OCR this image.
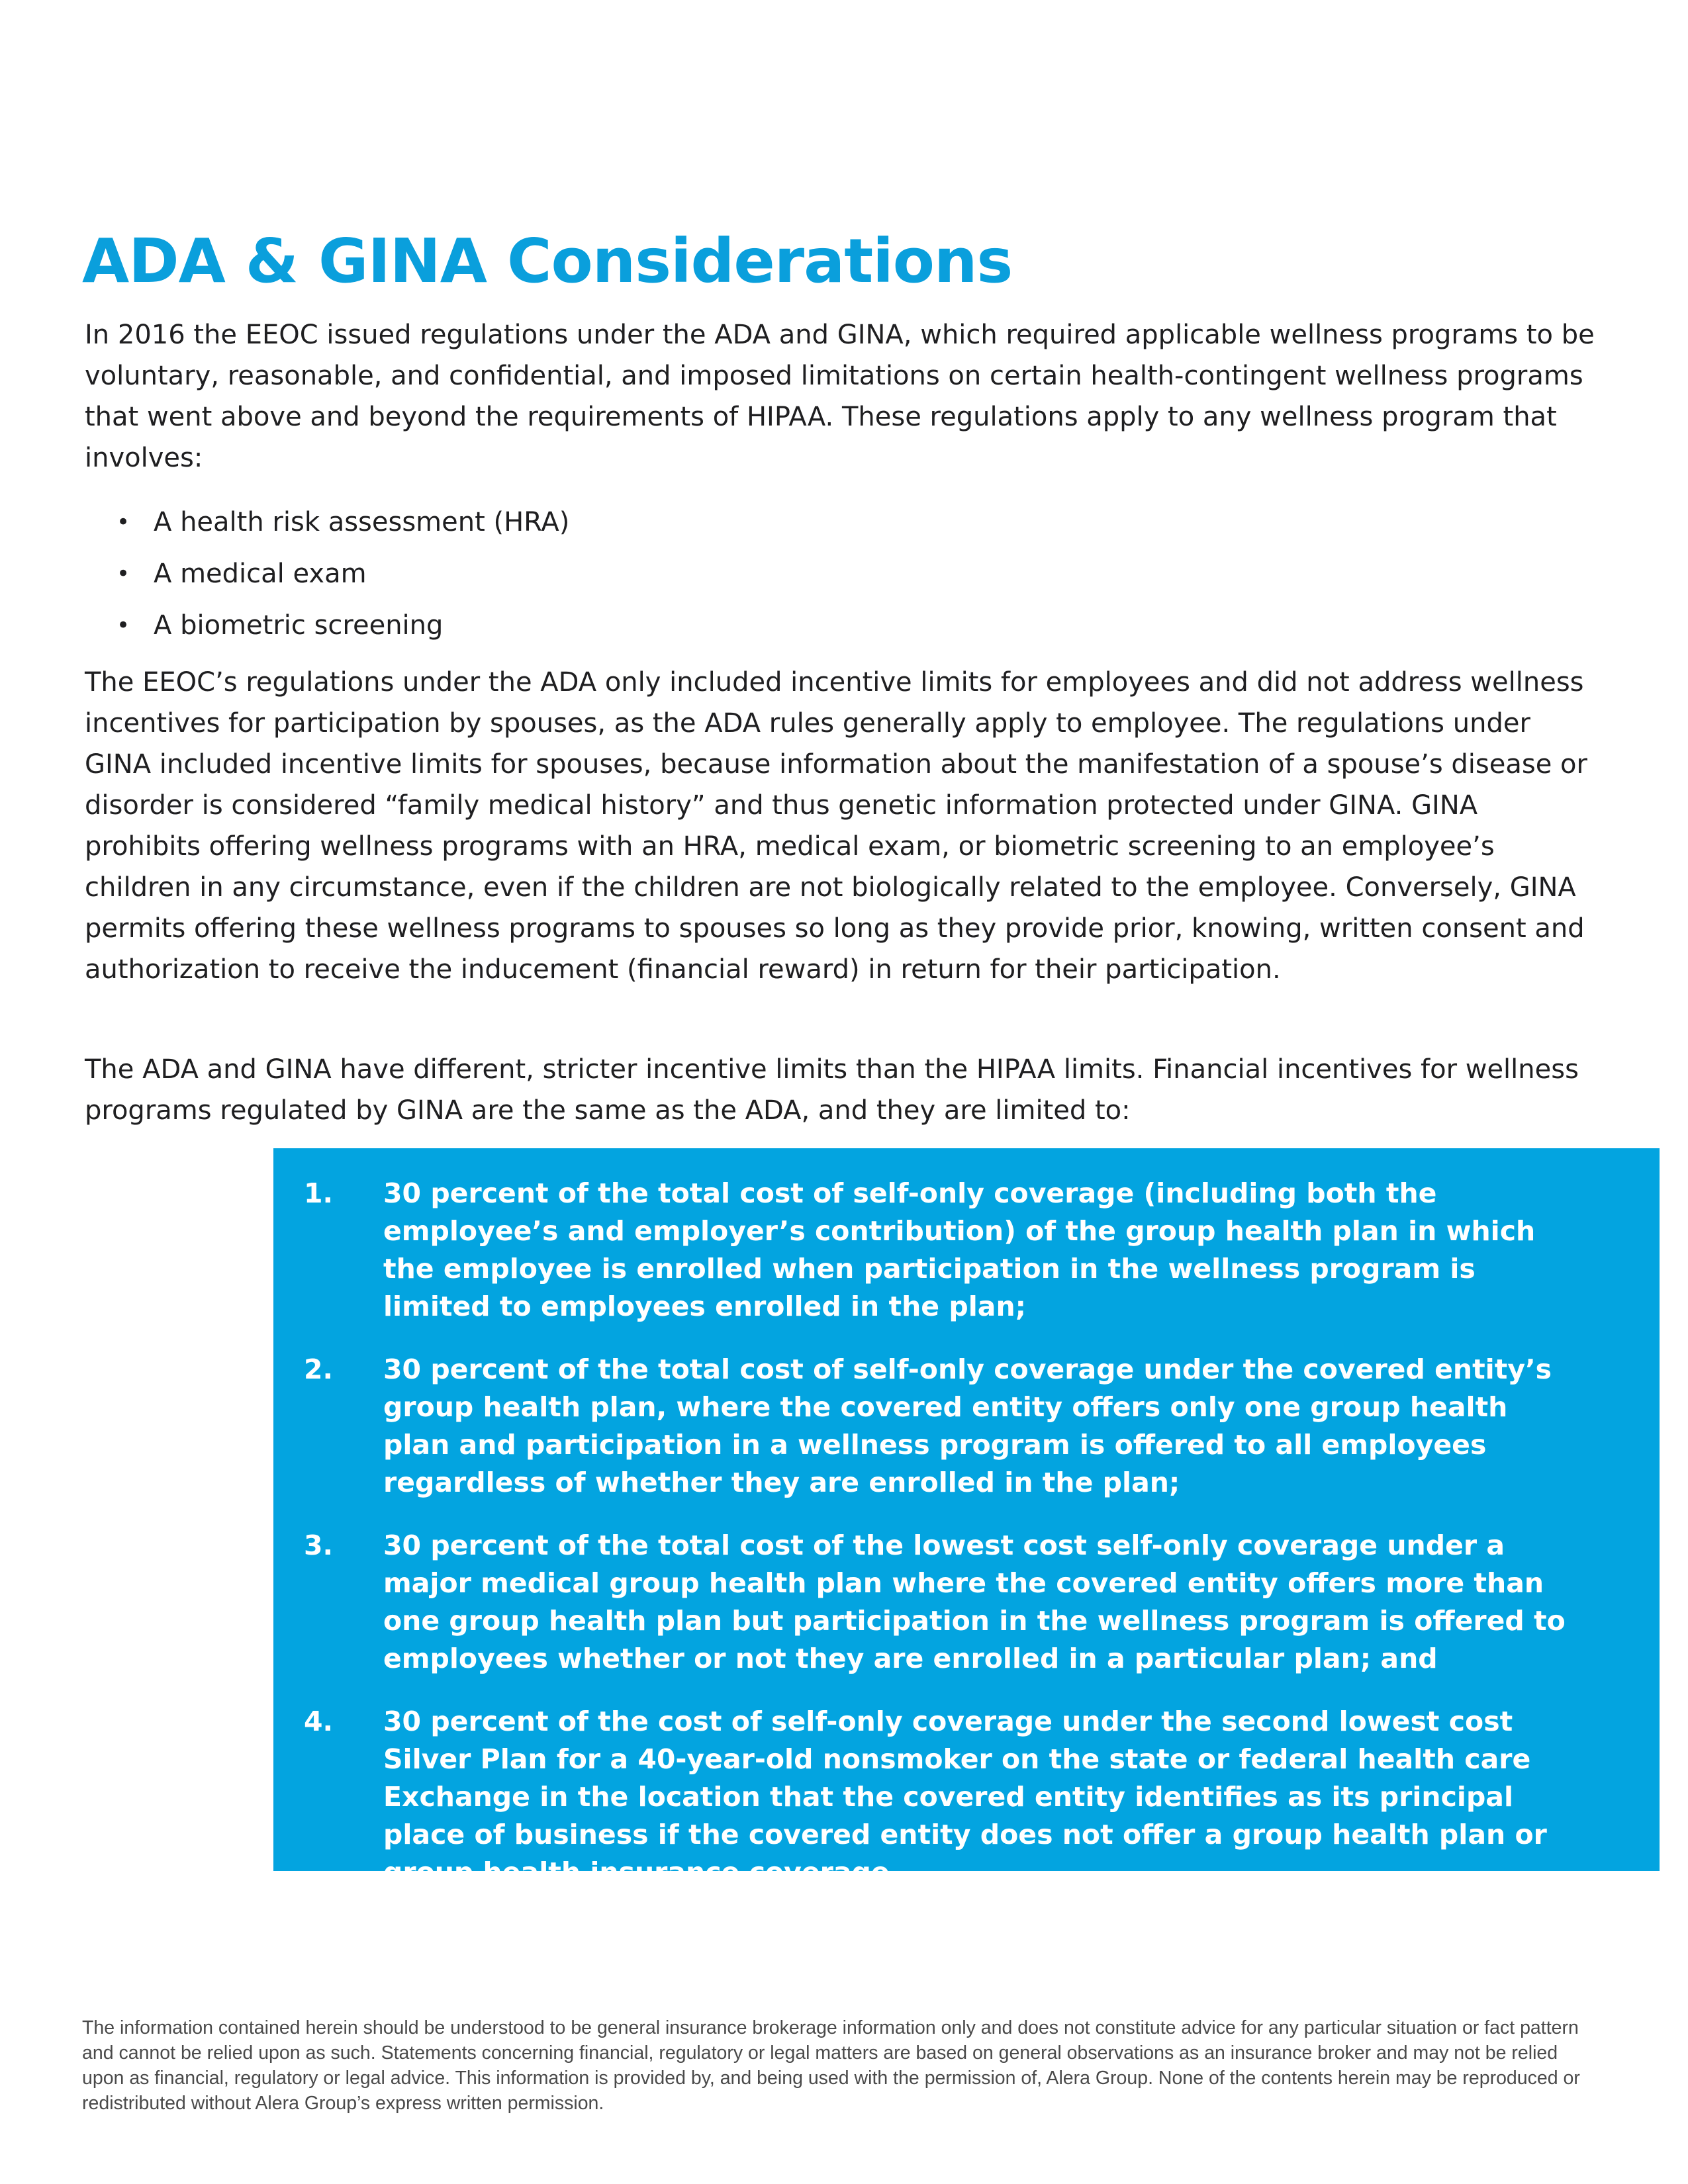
ADA & GINA Considerations

In 2016 the EEOC issued regulations under the ADA and GINA, which required applicable wellness programs to be voluntary, reasonable, and confidential, and imposed limitations on certain health-contingent wellness programs that went above and beyond the requirements of HIPAA. These regulations apply to any wellness program that involves:

• A health risk assessment (HRA)
• A medical exam
• A biometric screening

The EEOC’s regulations under the ADA only included incentive limits for employees and did not address wellness incentives for participation by spouses, as the ADA rules generally apply to employee. The regulations under GINA included incentive limits for spouses, because information about the manifestation of a spouse’s disease or disorder is considered “family medical history” and thus genetic information protected under GINA. GINA prohibits offering wellness programs with an HRA, medical exam, or biometric screening to an employee’s children in any circumstance, even if the children are not biologically related to the employee. Conversely, GINA permits offering these wellness programs to spouses so long as they provide prior, knowing, written consent and authorization to receive the inducement (financial reward) in return for their participation.

The ADA and GINA have different, stricter incentive limits than the HIPAA limits. Financial incentives for wellness programs regulated by GINA are the same as the ADA, and they are limited to:

1. 30 percent of the total cost of self-only coverage (including both the employee’s and employer’s contribution) of the group health plan in which the employee is enrolled when participation in the wellness program is limited to employees enrolled in the plan;
2. 30 percent of the total cost of self-only coverage under the covered entity’s group health plan, where the covered entity offers only one group health plan and participation in a wellness program is offered to all employees regardless of whether they are enrolled in the plan;
3. 30 percent of the total cost of the lowest cost self-only coverage under a major medical group health plan where the covered entity offers more than one group health plan but participation in the wellness program is offered to employees whether or not they are enrolled in a particular plan; and
4. 30 percent of the cost of self-only coverage under the second lowest cost Silver Plan for a 40-year-old nonsmoker on the state or federal health care Exchange in the location that the covered entity identifies as its principal place of business if the covered entity does not offer a group health plan or group health insurance coverage.

The information contained herein should be understood to be general insurance brokerage information only and does not constitute advice for any particular situation or fact pattern and cannot be relied upon as such. Statements concerning financial, regulatory or legal matters are based on general observations as an insurance broker and may not be relied upon as financial, regulatory or legal advice. This information is provided by, and being used with the permission of, Alera Group. None of the contents herein may be reproduced or redistributed without Alera Group’s express written permission.
